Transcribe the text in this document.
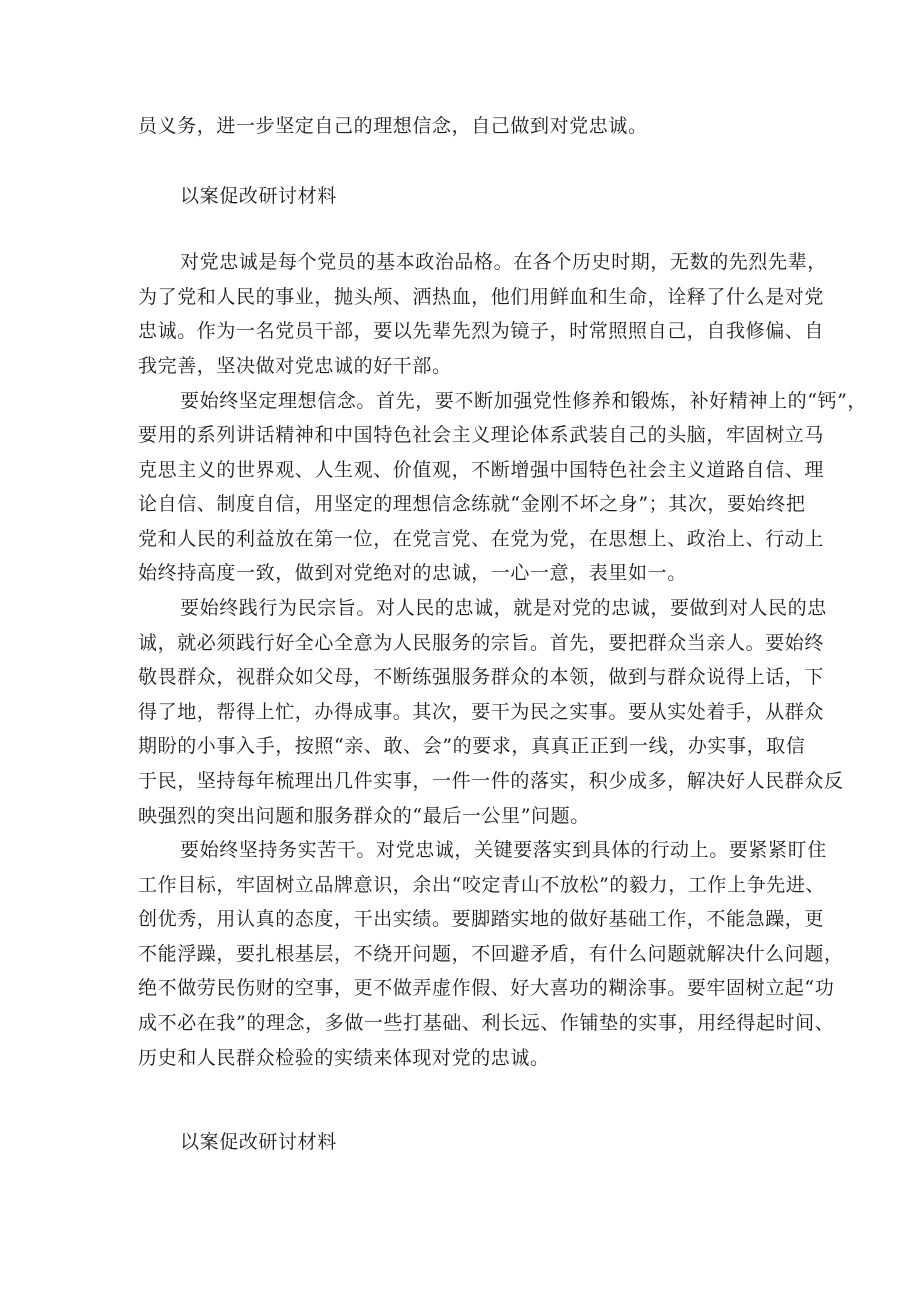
员义务，进一步坚定自己的理想信念，自己做到对党忠诚。
以案促改研讨材料
对党忠诚是每个党员的基本政治品格。在各个历史时期，无数的先烈先辈，
为了党和人民的事业，抛头颅、洒热血，他们用鲜血和生命，诠释了什么是对党
忠诚。作为一名党员干部，要以先辈先烈为镜子，时常照照自己，自我修偏、自
我完善，坚决做对党忠诚的好干部。
要始终坚定理想信念。首先，要不断加强党性修养和锻炼，补好精神上的“钙”，
要用的系列讲话精神和中国特色社会主义理论体系武装自己的头脑，牢固树立马
克思主义的世界观、人生观、价值观，不断增强中国特色社会主义道路自信、理
论自信、制度自信，用坚定的理想信念练就“金刚不坏之身”；其次，要始终把
党和人民的利益放在第一位，在党言党、在党为党，在思想上、政治上、行动上
始终持高度一致，做到对党绝对的忠诚，一心一意，表里如一。
要始终践行为民宗旨。对人民的忠诚，就是对党的忠诚，要做到对人民的忠
诚，就必须践行好全心全意为人民服务的宗旨。首先，要把群众当亲人。要始终
敬畏群众，视群众如父母，不断练强服务群众的本领，做到与群众说得上话，下
得了地，帮得上忙，办得成事。其次，要干为民之实事。要从实处着手，从群众
期盼的小事入手，按照“亲、敢、会”的要求，真真正正到一线，办实事，取信
于民，坚持每年梳理出几件实事，一件一件的落实，积少成多，解决好人民群众反
映强烈的突出问题和服务群众的“最后一公里”问题。
要始终坚持务实苦干。对党忠诚，关键要落实到具体的行动上。要紧紧盯住
工作目标，牢固树立品牌意识，余出“咬定青山不放松”的毅力，工作上争先进、
创优秀，用认真的态度，干出实绩。要脚踏实地的做好基础工作，不能急躁，更
不能浮躁，要扎根基层，不绕开问题，不回避矛盾，有什么问题就解决什么问题，
绝不做劳民伤财的空事，更不做弄虚作假、好大喜功的糊涂事。要牢固树立起“功
成不必在我”的理念，多做一些打基础、利长远、作铺垫的实事，用经得起时间、
历史和人民群众检验的实绩来体现对党的忠诚。
以案促改研讨材料
